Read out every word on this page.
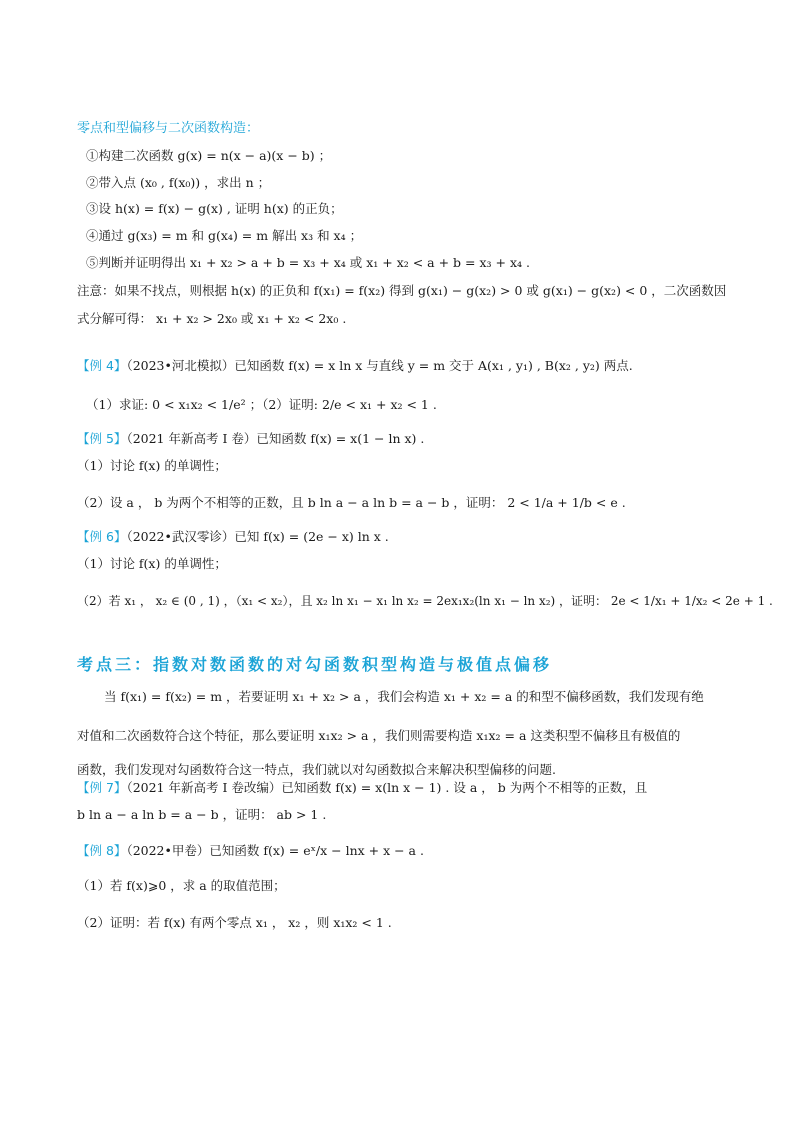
零点和型偏移与二次函数构造：
①构建二次函数 g(x) = n(x − a)(x − b) ；
②带入点 (x₀ , f(x₀)) ，求出 n ；
③设 h(x) = f(x) − g(x) , 证明 h(x) 的正负；
④通过 g(x₃) = m 和 g(x₄) = m 解出 x₃ 和 x₄ ；
⑤判断并证明得出 x₁ + x₂ > a + b = x₃ + x₄ 或 x₁ + x₂ < a + b = x₃ + x₄ .
注意：如果不找点，则根据 h(x) 的正负和 f(x₁) = f(x₂) 得到 g(x₁) − g(x₂) > 0 或 g(x₁) − g(x₂) < 0 ，二次函数因
式分解可得： x₁ + x₂ > 2x₀ 或 x₁ + x₂ < 2x₀ .
【例 4】（2023•河北模拟）已知函数 f(x) = x ln x 与直线 y = m 交于 A(x₁ , y₁) , B(x₂ , y₂) 两点.
（1）求证: 0 < x₁x₂ < 1/e² ；（2）证明: 2/e < x₁ + x₂ < 1 .
【例 5】（2021 年新高考 I 卷）已知函数 f(x) = x(1 − ln x) .
（1）讨论 f(x) 的单调性；
（2）设 a ， b 为两个不相等的正数，且 b ln a − a ln b = a − b ，证明： 2 < 1/a + 1/b < e .
【例 6】（2022•武汉零诊）已知 f(x) = (2e − x) ln x .
（1）讨论 f(x) 的单调性；
（2）若 x₁ ， x₂ ∈ (0 , 1) ，（x₁ < x₂），且 x₂ ln x₁ − x₁ ln x₂ = 2ex₁x₂(ln x₁ − ln x₂) ，证明： 2e < 1/x₁ + 1/x₂ < 2e + 1 .
考点三：指数对数函数的对勾函数积型构造与极值点偏移
当 f(x₁) = f(x₂) = m ，若要证明 x₁ + x₂ > a ，我们会构造 x₁ + x₂ = a 的和型不偏移函数，我们发现有绝
对值和二次函数符合这个特征，那么要证明 x₁x₂ > a ，我们则需要构造 x₁x₂ = a 这类积型不偏移且有极值的
函数，我们发现对勾函数符合这一特点，我们就以对勾函数拟合来解决积型偏移的问题.
【例 7】（2021 年新高考 I 卷改编）已知函数 f(x) = x(ln x − 1) . 设 a ， b 为两个不相等的正数，且
b ln a − a ln b = a − b ，证明： ab > 1 .
【例 8】（2022•甲卷）已知函数 f(x) = eˣ/x − lnx + x − a .
（1）若 f(x)⩾0 ，求 a 的取值范围；
（2）证明：若 f(x) 有两个零点 x₁ ， x₂ ，则 x₁x₂ < 1 .
